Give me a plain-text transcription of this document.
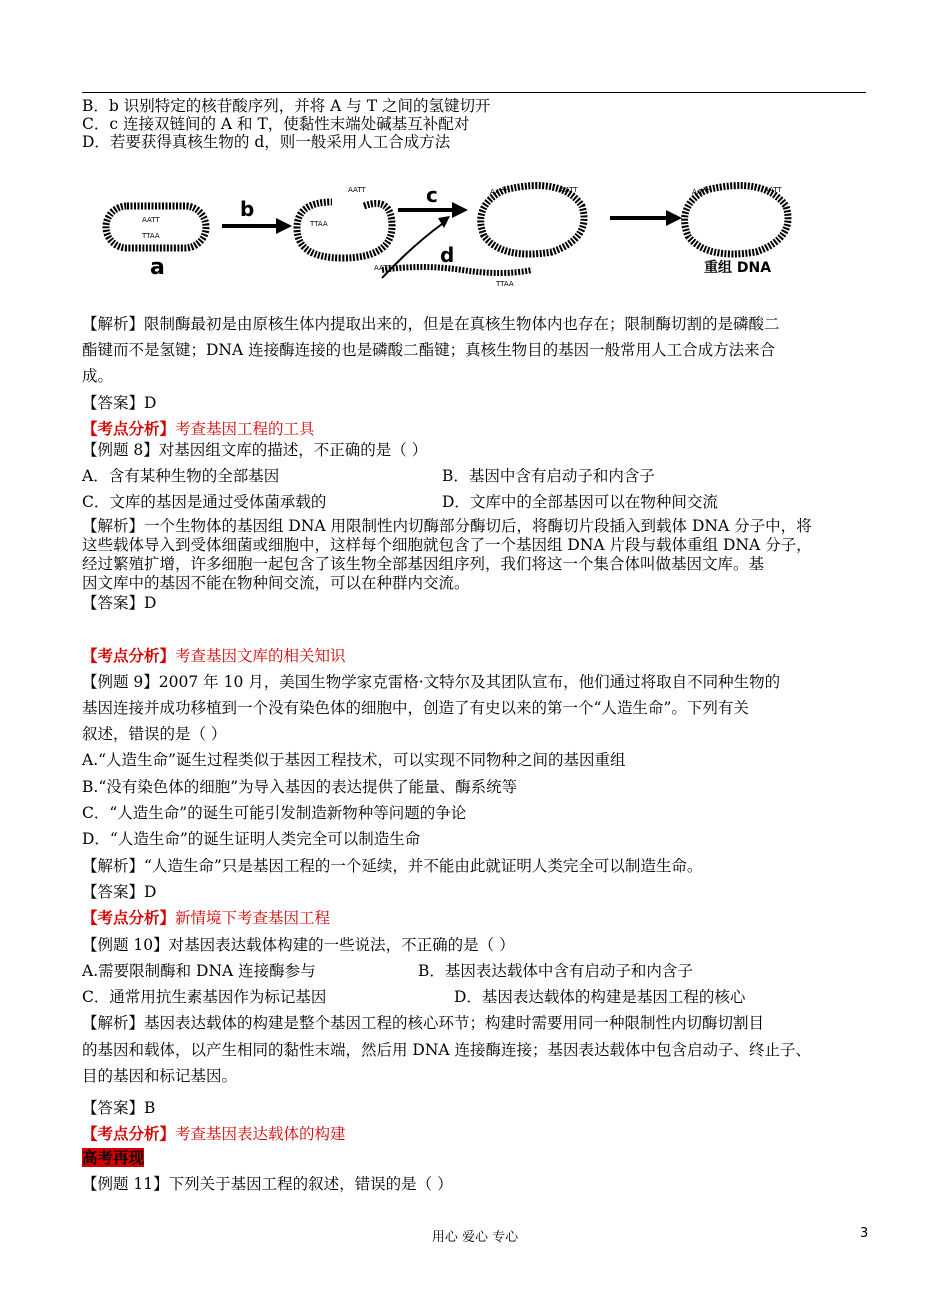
B．b 识别特定的核苷酸序列，并将 A 与 T 之间的氢键切开
C．c 连接双链间的 A 和 T，使黏性末端处碱基互补配对
D．若要获得真核生物的 d，则一般采用人工合成方法
AATT
TTAA
a
b
AATT
TTAA
c	AATT	AATT
d
AATT
TTAA
AATT	AATT
重组 DNA
【解析】限制酶最初是由原核生体内提取出来的，但是在真核生物体内也存在；限制酶切割的是磷酸二
酯键而不是氢键；DNA 连接酶连接的也是磷酸二酯键；真核生物目的基因一般常用人工合成方法来合
成。
【答案】D
【考点分析】考查基因工程的工具
【例题 8】对基因组文库的描述，不正确的是（ ）
A．含有某种生物的全部基因	B．基因中含有启动子和内含子
C．文库的基因是通过受体菌承载的	D．文库中的全部基因可以在物种间交流
【解析】一个生物体的基因组 DNA 用限制性内切酶部分酶切后，将酶切片段插入到载体 DNA 分子中，将
这些载体导入到受体细菌或细胞中，这样每个细胞就包含了一个基因组 DNA 片段与载体重组 DNA 分子，
经过繁殖扩增，许多细胞一起包含了该生物全部基因组序列，我们将这一个集合体叫做基因文库。基
因文库中的基因不能在物种间交流，可以在种群内交流。
【答案】D
【考点分析】考查基因文库的相关知识
【例题 9】2007 年 10 月，美国生物学家克雷格·文特尔及其团队宣布，他们通过将取自不同种生物的
基因连接并成功移植到一个没有染色体的细胞中，创造了有史以来的第一个“人造生命”。下列有关
叙述，错误的是（ ）
A.“人造生命”诞生过程类似于基因工程技术，可以实现不同物种之间的基因重组
B.“没有染色体的细胞”为导入基因的表达提供了能量、酶系统等
C．“人造生命”的诞生可能引发制造新物种等问题的争论
D．“人造生命”的诞生证明人类完全可以制造生命
【解析】“人造生命”只是基因工程的一个延续，并不能由此就证明人类完全可以制造生命。
【答案】D
【考点分析】新情境下考查基因工程
【例题 10】对基因表达载体构建的一些说法，不正确的是（ ）
A.需要限制酶和 DNA 连接酶参与	B．基因表达载体中含有启动子和内含子
C．通常用抗生素基因作为标记基因	D．基因表达载体的构建是基因工程的核心
【解析】基因表达载体的构建是整个基因工程的核心环节；构建时需要用同一种限制性内切酶切割目
的基因和载体，以产生相同的黏性末端，然后用 DNA 连接酶连接；基因表达载体中包含启动子、终止子、
目的基因和标记基因。
【答案】B
【考点分析】考查基因表达载体的构建
高考再现
【例题 11】下列关于基因工程的叙述，错误的是（ ）
用心 爱心 专心	3
